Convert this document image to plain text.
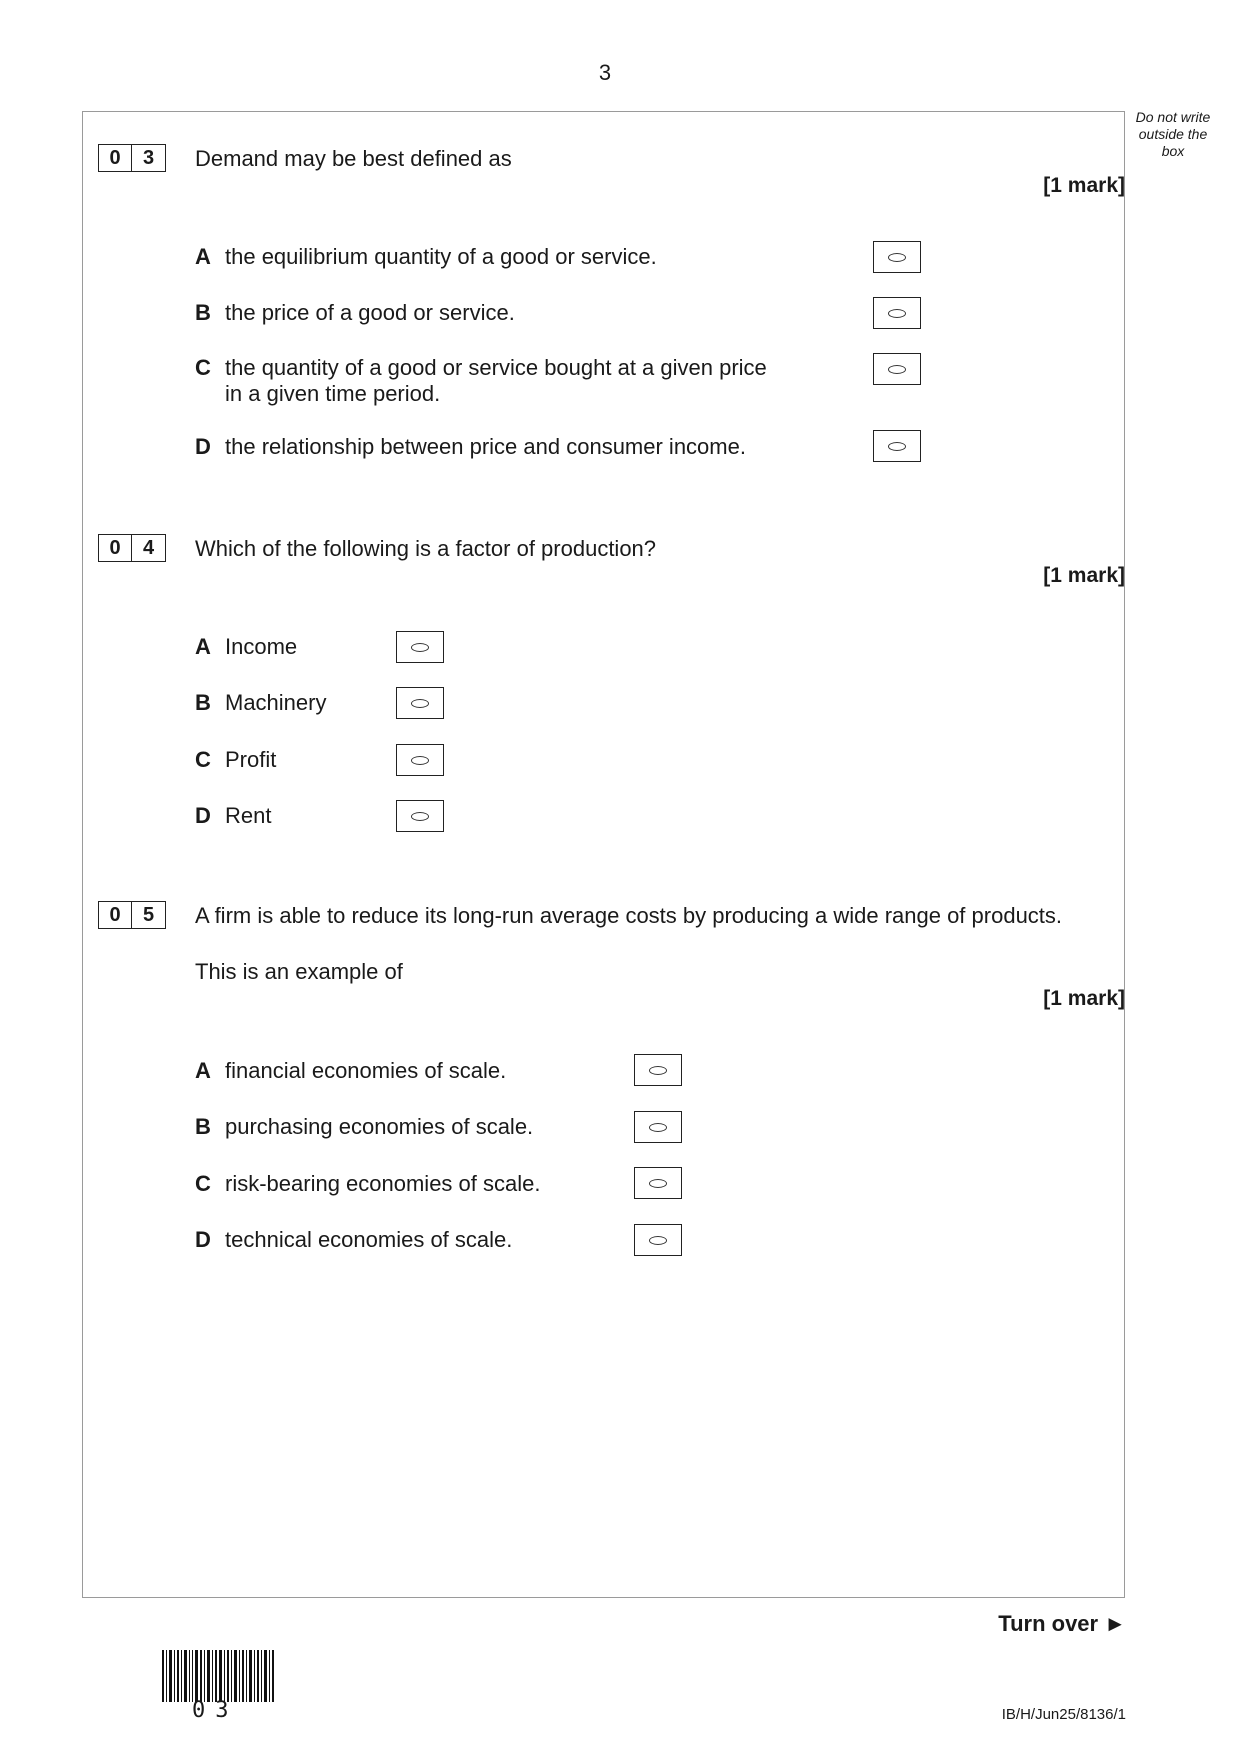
3
Do not write
outside the
box
0	3	Demand may be best defined as
[1 mark]
A the equilibrium quantity of a good or service.
B the price of a good or service.
C the quantity of a good or service bought at a given price
in a given time period.
D the relationship between price and consumer income.
0	4	Which of the following is a factor of production?
[1 mark]
A Income
B Machinery
C Profit
D Rent
0	5	A firm is able to reduce its long-run average costs by producing a wide range of products.
This is an example of
[1 mark]
A financial economies of scale.
B purchasing economies of scale.
C risk-bearing economies of scale.
D technical economies of scale.
Turn over ►
03	IB/H/Jun25/8136/1
